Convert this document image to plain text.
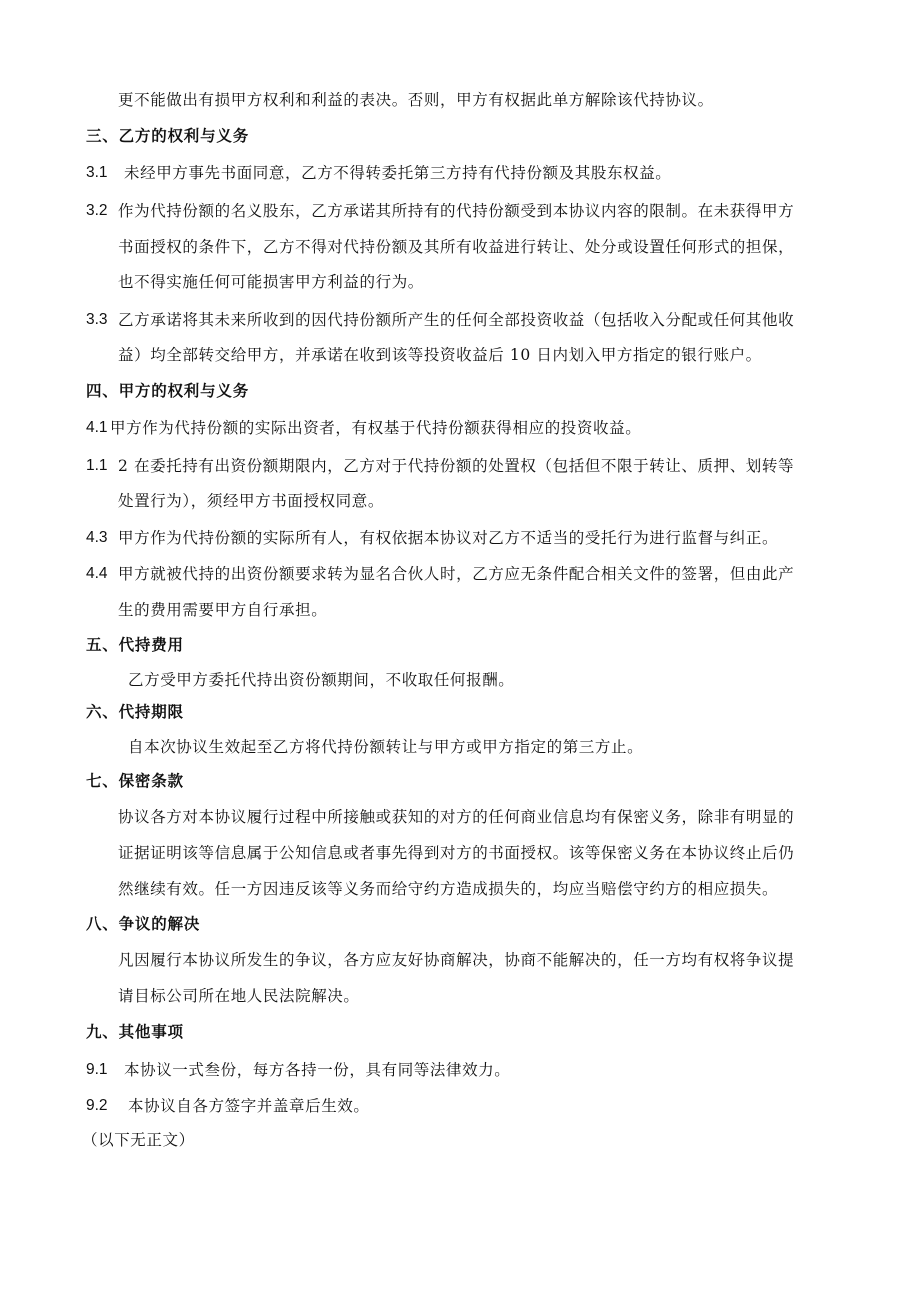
更不能做出有损甲方权利和利益的表决。否则，甲方有权据此单方解除该代持协议。
三、乙方的权利与义务
3.1 未经甲方事先书面同意，乙方不得转委托第三方持有代持份额及其股东权益。
3.2 作为代持份额的名义股东，乙方承诺其所持有的代持份额受到本协议内容的限制。在未获得甲方
书面授权的条件下，乙方不得对代持份额及其所有收益进行转让、处分或设置任何形式的担保，
也不得实施任何可能损害甲方利益的行为。
3.3 乙方承诺将其未来所收到的因代持份额所产生的任何全部投资收益（包括收入分配或任何其他收
益）均全部转交给甲方，并承诺在收到该等投资收益后 10 日内划入甲方指定的银行账户。
四、甲方的权利与义务
4.1 甲方作为代持份额的实际出资者，有权基于代持份额获得相应的投资收益。
1.1 2 在委托持有出资份额期限内，乙方对于代持份额的处置权（包括但不限于转让、质押、划转等
处置行为），须经甲方书面授权同意。
4.3 甲方作为代持份额的实际所有人，有权依据本协议对乙方不适当的受托行为进行监督与纠正。
4.4 甲方就被代持的出资份额要求转为显名合伙人时，乙方应无条件配合相关文件的签署，但由此产
生的费用需要甲方自行承担。
五、代持费用
乙方受甲方委托代持出资份额期间，不收取任何报酬。
六、代持期限
自本次协议生效起至乙方将代持份额转让与甲方或甲方指定的第三方止。
七、保密条款
协议各方对本协议履行过程中所接触或获知的对方的任何商业信息均有保密义务，除非有明显的
证据证明该等信息属于公知信息或者事先得到对方的书面授权。该等保密义务在本协议终止后仍
然继续有效。任一方因违反该等义务而给守约方造成损失的，均应当赔偿守约方的相应损失。
八、争议的解决
凡因履行本协议所发生的争议，各方应友好协商解决，协商不能解决的，任一方均有权将争议提
请目标公司所在地人民法院解决。
九、其他事项
9.1 本协议一式叁份，每方各持一份，具有同等法律效力。
9.2 本协议自各方签字并盖章后生效。
（以下无正文）
